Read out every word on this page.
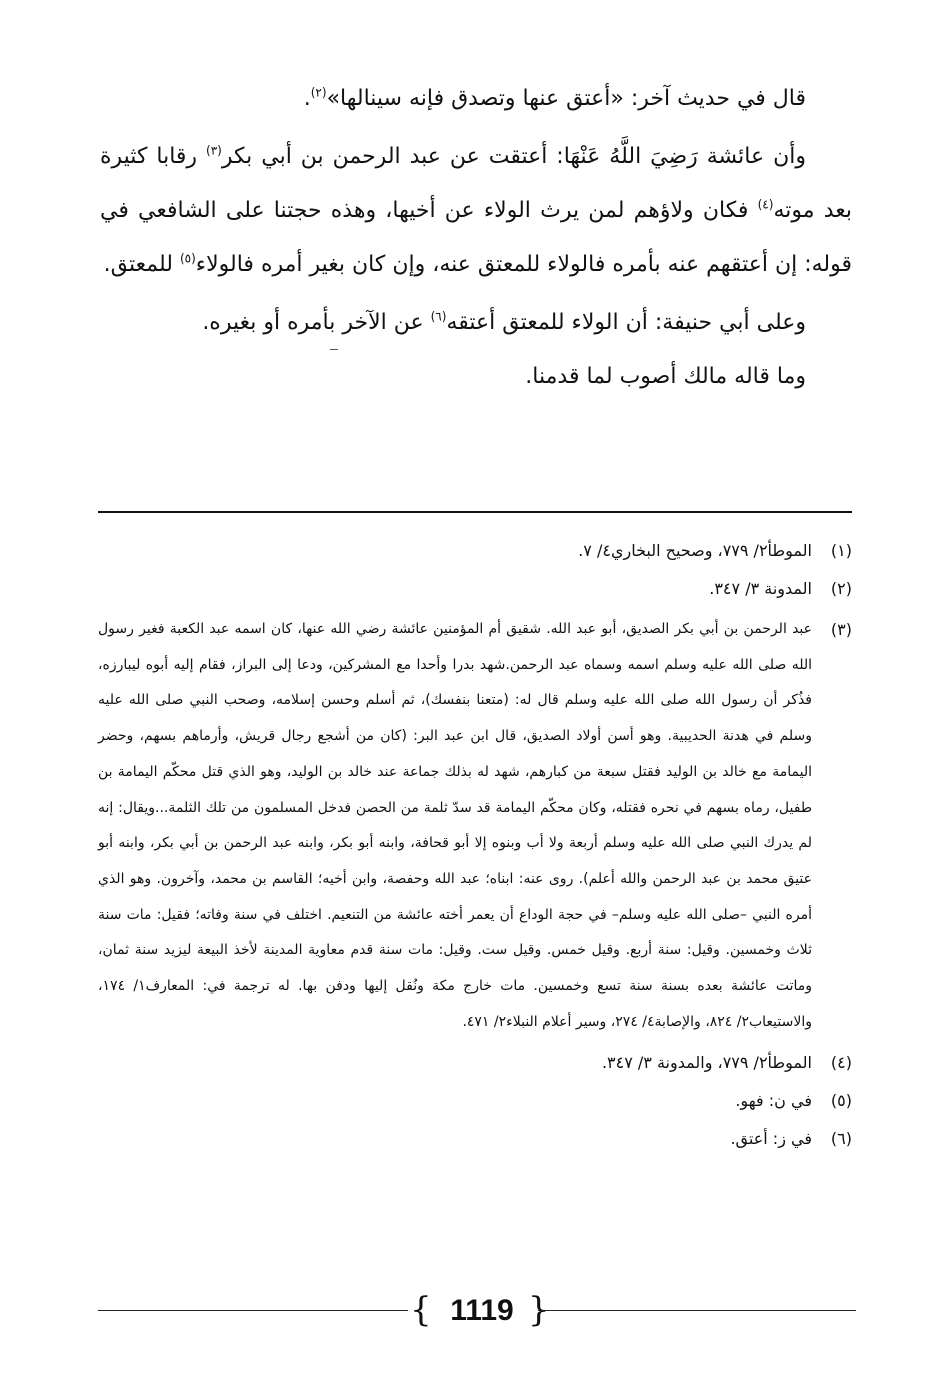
قال في حديث آخر: «أعتق عنها وتصدق فإنه سينالها»$^{(٢)}$.

وأن عائشة رَضِيَ اللَّهُ عَنْهَا: أعتقت عن عبد الرحمن بن أبي بكر$^{(٣)}$ رقابا كثيرة بعد موته$^{(٤)}$ فكان ولاؤهم لمن يرث الولاء عن أخيها، وهذه حجتنا على الشافعي في قوله: إن أعتقهم عنه بأمره فالولاء للمعتق عنه، وإن كان بغير أمره فالولاء$^{(٥)}$ للمعتق.

وعلى أبي حنيفة: أن الولاء للمعتق أعتقه$^{(٦)}$ عن الآخر بأمره أو بغيره.

وما قاله مالك أصوب لما قدمنا.

(١)
الموطأ٢/ ٧٧٩، وصحيح البخاري٤/ ٧.
(٢)
المدونة ٣/ ٣٤٧.
(٣)
عبد الرحمن بن أبي بكر الصديق، أبو عبد الله. شقيق أم المؤمنين عائشة رضي الله عنها، كان اسمه عبد الكعبة فغير رسول الله صلى الله عليه وسلم اسمه وسماه عبد الرحمن.شهد بدرا وأحدا مع المشركين، ودعا إلى البراز، فقام إليه أبوه ليبارزه، فذُكر أن رسول الله صلى الله عليه وسلم قال له: (متعنا بنفسك)، ثم أسلم وحسن إسلامه، وصحب النبي صلى الله عليه وسلم في هدنة الحديبية. وهو أسن أولاد الصديق، قال ابن عبد البر: (كان من أشجع رجال قريش، وأرماهم بسهم، وحضر اليمامة مع خالد بن الوليد فقتل سبعة من كبارهم، شهد له بذلك جماعة عند خالد بن الوليد، وهو الذي قتل محكّم اليمامة بن طفيل، رماه بسهم في نحره فقتله، وكان محكّم اليمامة قد سدّ ثلمة من الحصن فدخل المسلمون من تلك الثلمة...ويقال: إنه لم يدرك النبي صلى الله عليه وسلم أربعة ولا أب وبنوه إلا أبو قحافة، وابنه أبو بكر، وابنه عبد الرحمن بن أبي بكر، وابنه أبو عتيق محمد بن عبد الرحمن والله أعلم). روى عنه: ابناه؛ عبد الله وحفصة، وابن أخيه؛ القاسم بن محمد، وآخرون. وهو الذي أمره النبي –صلى الله عليه وسلم– في حجة الوداع أن يعمر أخته عائشة من التنعيم. اختلف في سنة وفاته؛ فقيل: مات سنة ثلاث وخمسين. وقيل: سنة أربع. وقيل خمس. وقيل ست. وقيل: مات سنة قدم معاوية المدينة لأخذ البيعة ليزيد سنة ثمان، وماتت عائشة بعده بسنة سنة تسع وخمسين. مات خارج مكة ونُقل إليها ودفن بها. له ترجمة في: المعارف١/ ١٧٤، والاستيعاب٢/ ٨٢٤، والإصابة٤/ ٢٧٤، وسير أعلام النبلاء٢/ ٤٧١.
(٤)
الموطأ٢/ ٧٧٩، والمدونة ٣/ ٣٤٧.
(٥)
في ن: فهو.
(٦)
في ز: أعتق.
{ 1119 }
